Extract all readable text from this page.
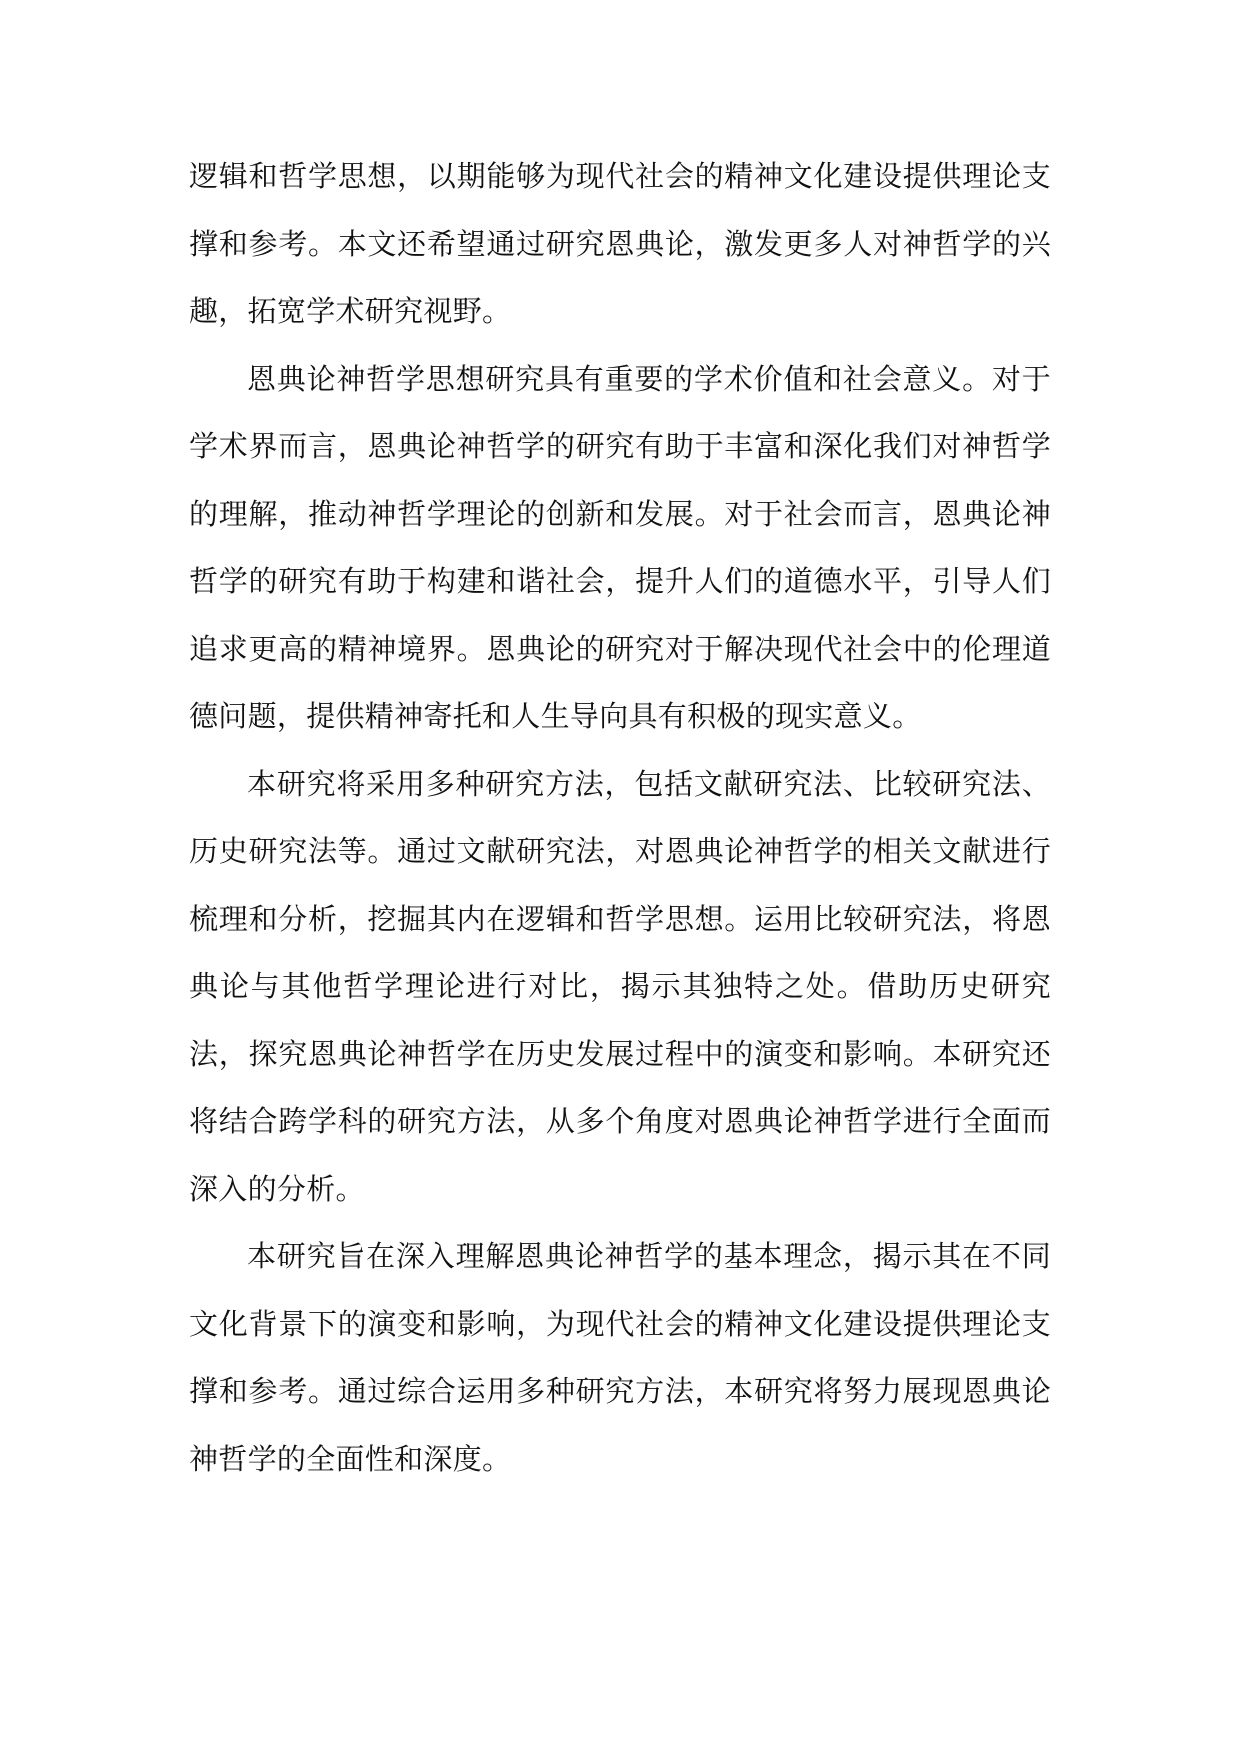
逻辑和哲学思想，以期能够为现代社会的精神文化建设提供理论支撑和参考。本文还希望通过研究恩典论，激发更多人对神哲学的兴趣，拓宽学术研究视野。

恩典论神哲学思想研究具有重要的学术价值和社会意义。对于学术界而言，恩典论神哲学的研究有助于丰富和深化我们对神哲学的理解，推动神哲学理论的创新和发展。对于社会而言，恩典论神哲学的研究有助于构建和谐社会，提升人们的道德水平，引导人们追求更高的精神境界。恩典论的研究对于解决现代社会中的伦理道德问题，提供精神寄托和人生导向具有积极的现实意义。

本研究将采用多种研究方法，包括文献研究法、比较研究法、历史研究法等。通过文献研究法，对恩典论神哲学的相关文献进行梳理和分析，挖掘其内在逻辑和哲学思想。运用比较研究法，将恩典论与其他哲学理论进行对比，揭示其独特之处。借助历史研究法，探究恩典论神哲学在历史发展过程中的演变和影响。本研究还将结合跨学科的研究方法，从多个角度对恩典论神哲学进行全面而深入的分析。

本研究旨在深入理解恩典论神哲学的基本理念，揭示其在不同文化背景下的演变和影响，为现代社会的精神文化建设提供理论支撑和参考。通过综合运用多种研究方法，本研究将努力展现恩典论神哲学的全面性和深度。
